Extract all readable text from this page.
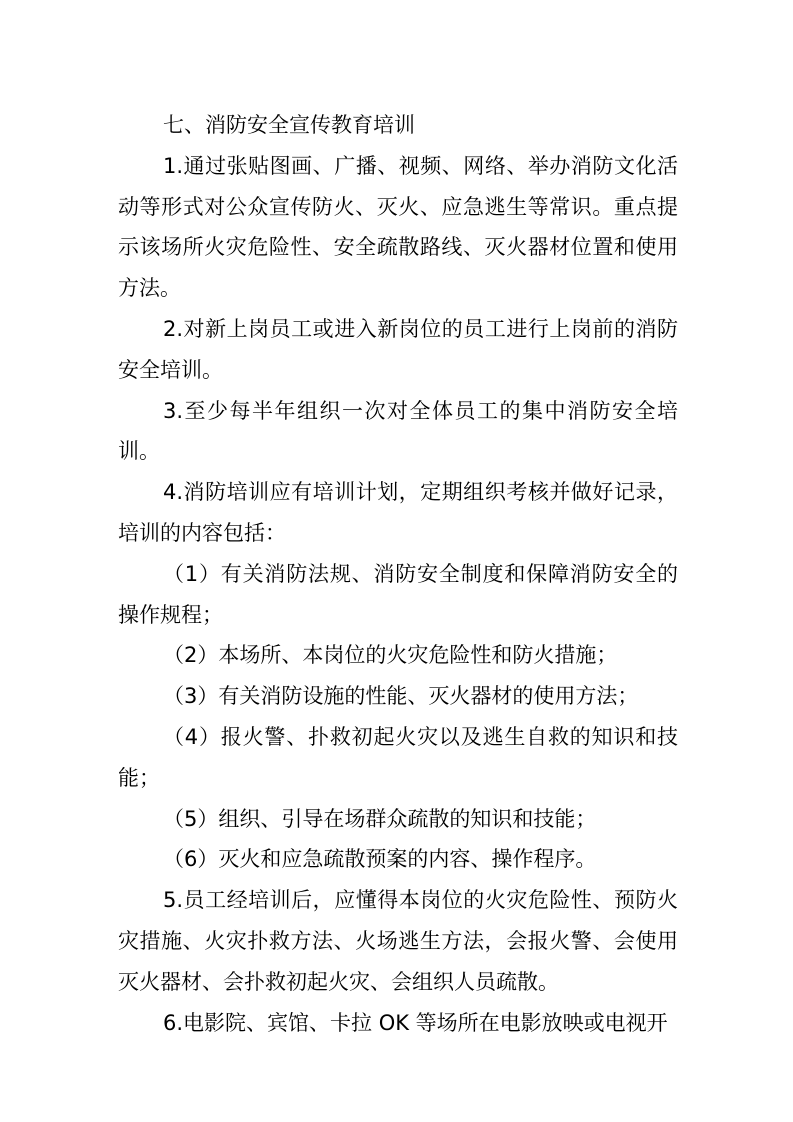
七、消防安全宣传教育培训

1.通过张贴图画、广播、视频、网络、举办消防文化活动等形式对公众宣传防火、灭火、应急逃生等常识。重点提示该场所火灾危险性、安全疏散路线、灭火器材位置和使用方法。

2.对新上岗员工或进入新岗位的员工进行上岗前的消防安全培训。

3.至少每半年组织一次对全体员工的集中消防安全培训。

4.消防培训应有培训计划，定期组织考核并做好记录，培训的内容包括：

（1）有关消防法规、消防安全制度和保障消防安全的操作规程；

（2）本场所、本岗位的火灾危险性和防火措施；

（3）有关消防设施的性能、灭火器材的使用方法；

（4）报火警、扑救初起火灾以及逃生自救的知识和技能；

（5）组织、引导在场群众疏散的知识和技能；

（6）灭火和应急疏散预案的内容、操作程序。

5.员工经培训后，应懂得本岗位的火灾危险性、预防火灾措施、火灾扑救方法、火场逃生方法，会报火警、会使用灭火器材、会扑救初起火灾、会组织人员疏散。

6.电影院、宾馆、卡拉 OK 等场所在电影放映或电视开
